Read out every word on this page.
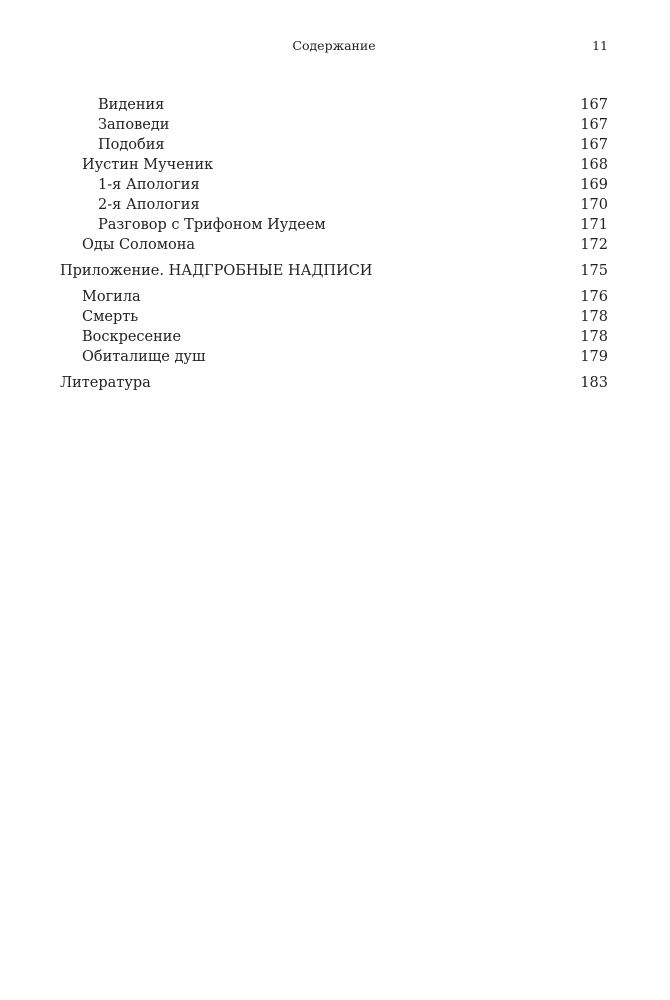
Содержание	11
Видения	167
Заповеди	167
Подобия	167
Иустин Мученик	168
1-я Апология	169
2-я Апология	170
Разговор с Трифоном Иудеем	171
Оды Соломона	172
Приложение. НАДГРОБНЫЕ НАДПИСИ	175
Могила	176
Смерть	178
Воскресение	178
Обиталище душ	179
Литература	183
